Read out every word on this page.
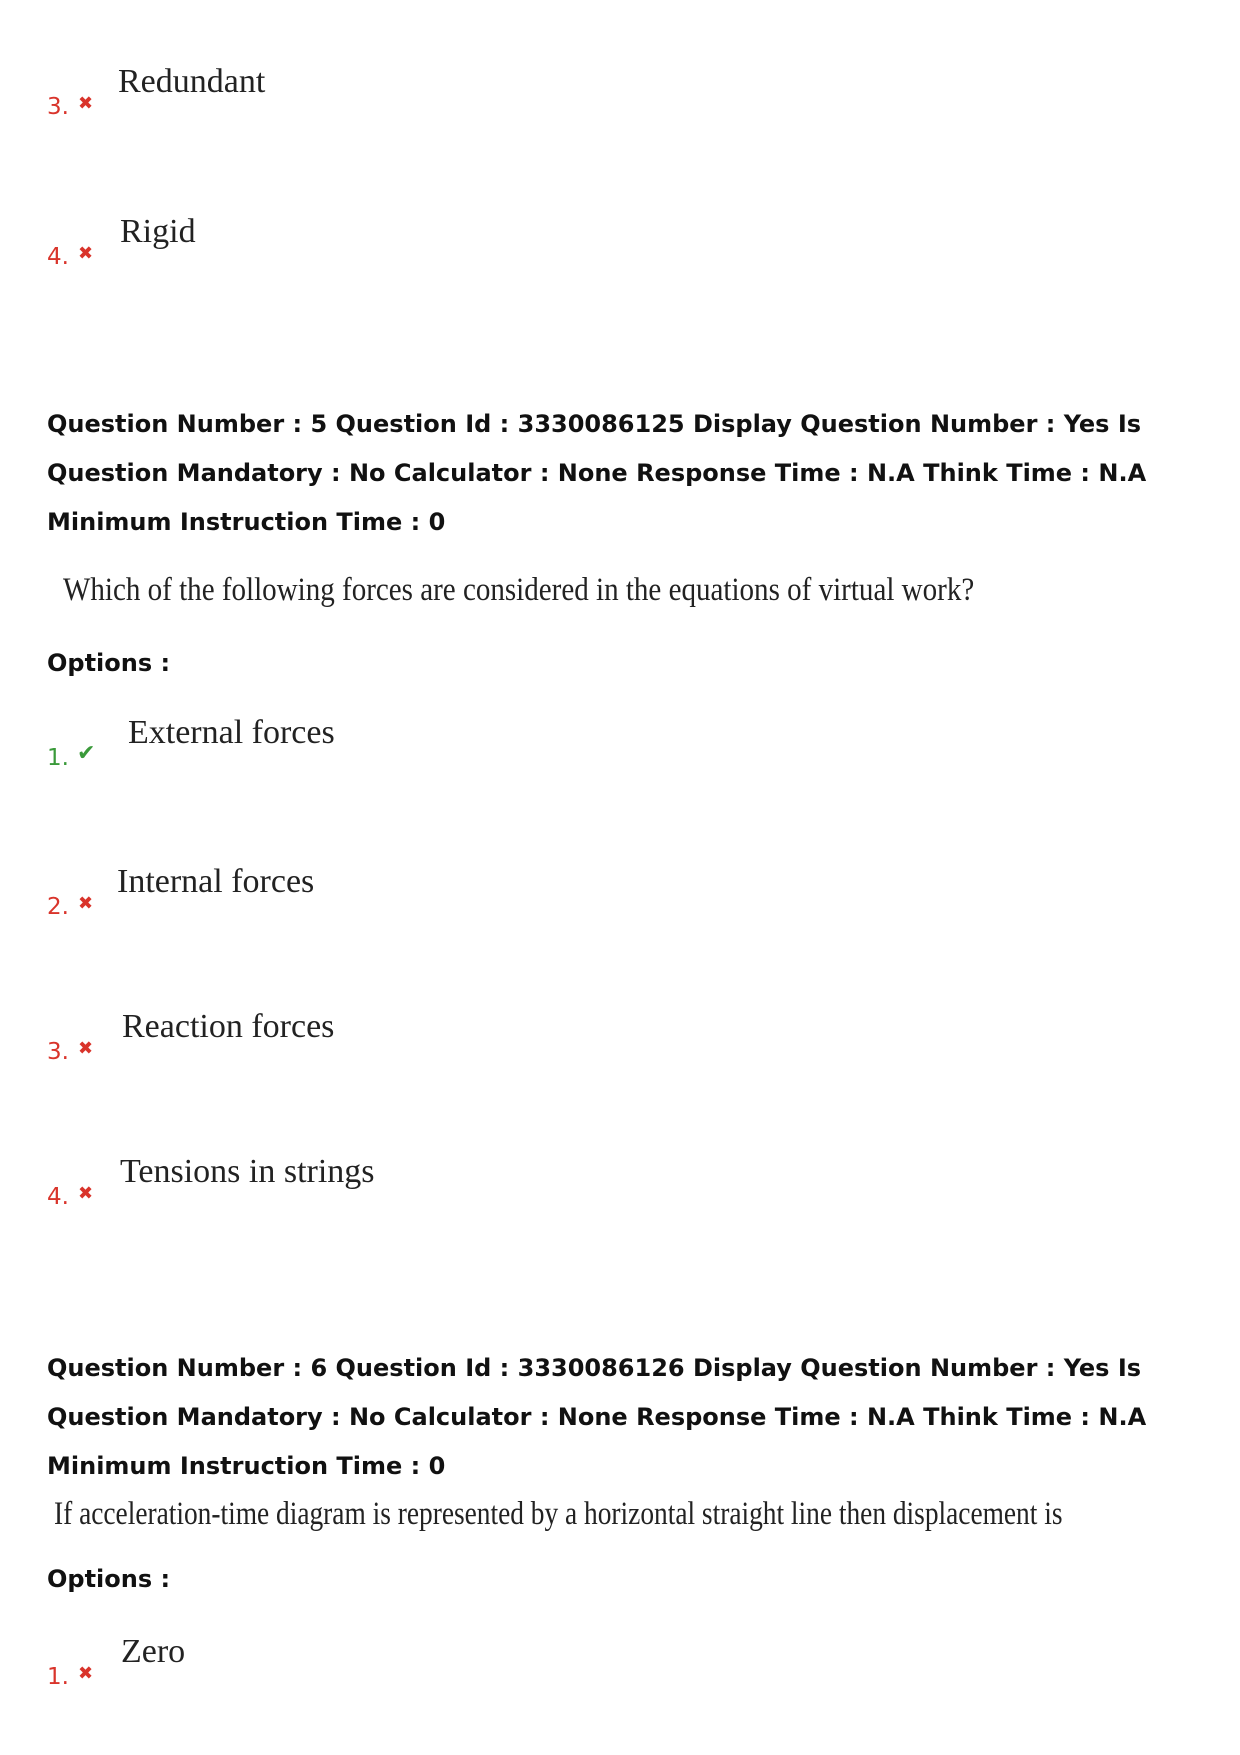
3. ✖
Redundant
4. ✖
Rigid

Question Number : 5 Question Id : 3330086125 Display Question Number : Yes Is Question Mandatory : No Calculator : None Response Time : N.A Think Time : N.A Minimum Instruction Time : 0

Which of the following forces are considered in the equations of virtual work?
Options :
1. ✔
External forces
2. ✖
Internal forces
3. ✖
Reaction forces
4. ✖
Tensions in strings

Question Number : 6 Question Id : 3330086126 Display Question Number : Yes Is Question Mandatory : No Calculator : None Response Time : N.A Think Time : N.A Minimum Instruction Time : 0

If acceleration-time diagram is represented by a horizontal straight line then displacement is
Options :
1. ✖
Zero
